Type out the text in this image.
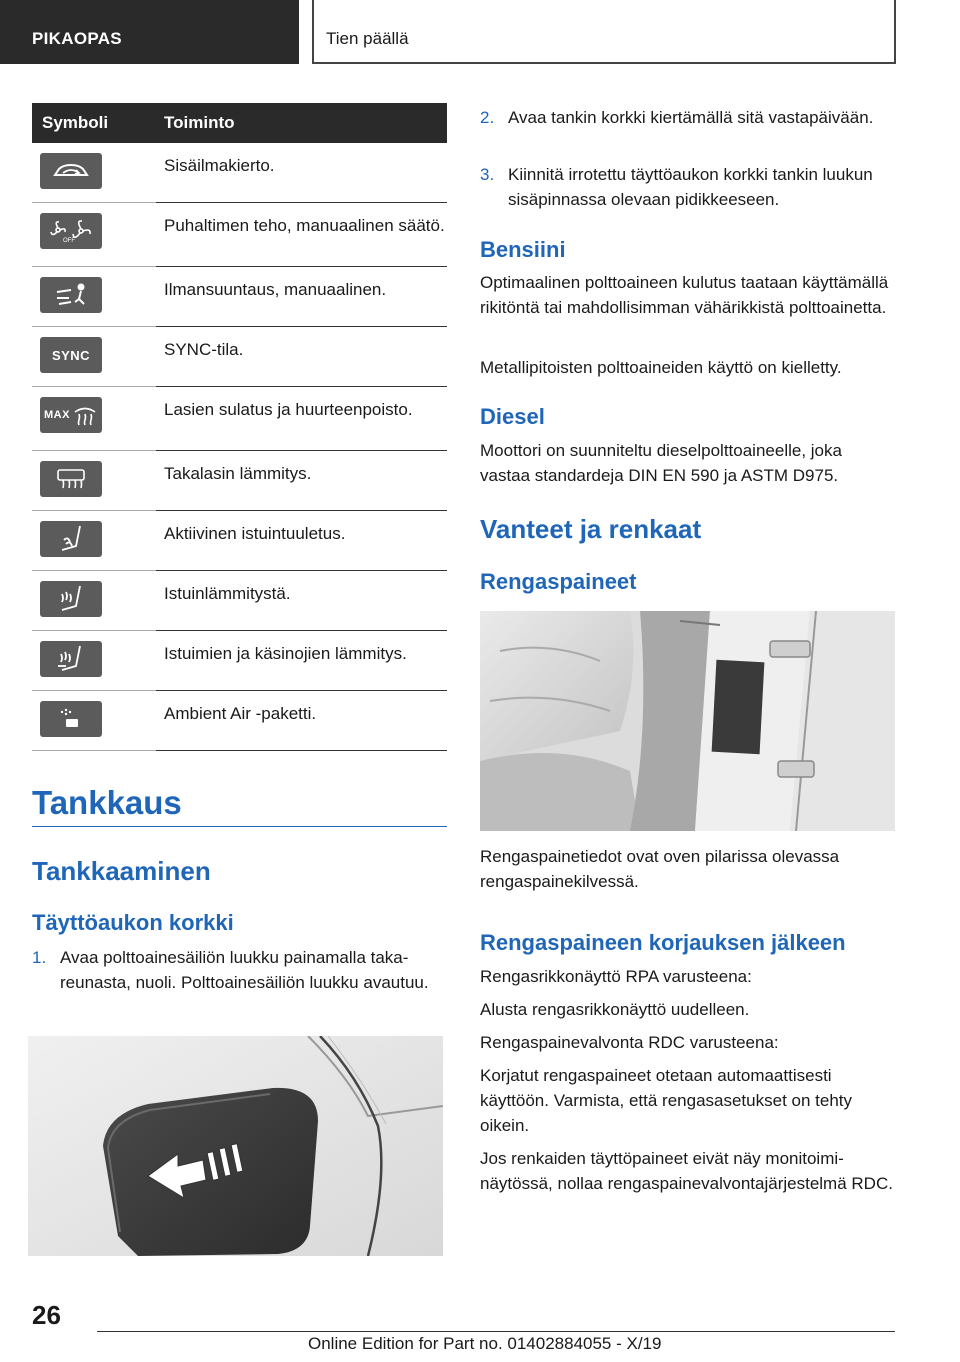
PIKAOPAS	Tien päällä
Symboli	Toiminto
Sisäilmakierto.
OFF
Puhaltimen teho, manuaalinen säätö.
Ilmansuuntaus, manuaalinen.
SYNC	SYNC-tila.
MAX	Lasien sulatus ja huurteenpoisto.
Takalasin lämmitys.
Aktiivinen istuintuuletus.
Istuinlämmitystä.
Istuimien ja käsinojien lämmitys.
Ambient Air ‑paketti.
Tankkaus
Tankkaaminen
Täyttöaukon korkki
1. Avaa polttoainesäiliön luukku painamalla takareunasta, nuoli. Polttoainesäiliön luukku avautuu.
2. Avaa tankin korkki kiertämällä sitä vastapäivään.
3. Kiinnitä irrotettu täyttöaukon korkki tankin luukun sisäpinnassa olevaan pidikkeeseen.
Bensiini
Optimaalinen polttoaineen kulutus taataan käyttämällä rikitöntä tai mahdollisimman vähärikkistä polttoainetta.
Metallipitoisten polttoaineiden käyttö on kielletty.
Diesel
Moottori on suunniteltu dieselpolttoaineelle, joka vastaa standardeja DIN EN 590 ja ASTM D975.
Vanteet ja renkaat
Rengaspaineet
Rengaspainetiedot ovat oven pilarissa olevassa rengaspainekilvessä.
Rengaspaineen korjauksen jälkeen
Rengasrikkonäyttö RPA varusteena:
Alusta rengasrikkonäyttö uudelleen.
Rengaspainevalvonta RDC varusteena:
Korjatut rengaspaineet otetaan automaattisesti käyttöön. Varmista, että rengasasetukset on tehty oikein.
Jos renkaiden täyttöpaineet eivät näy monitoiminäytössä, nollaa rengaspainevalvontajärjestelmä RDC.
26
Online Edition for Part no. 01402884055 - X/19
